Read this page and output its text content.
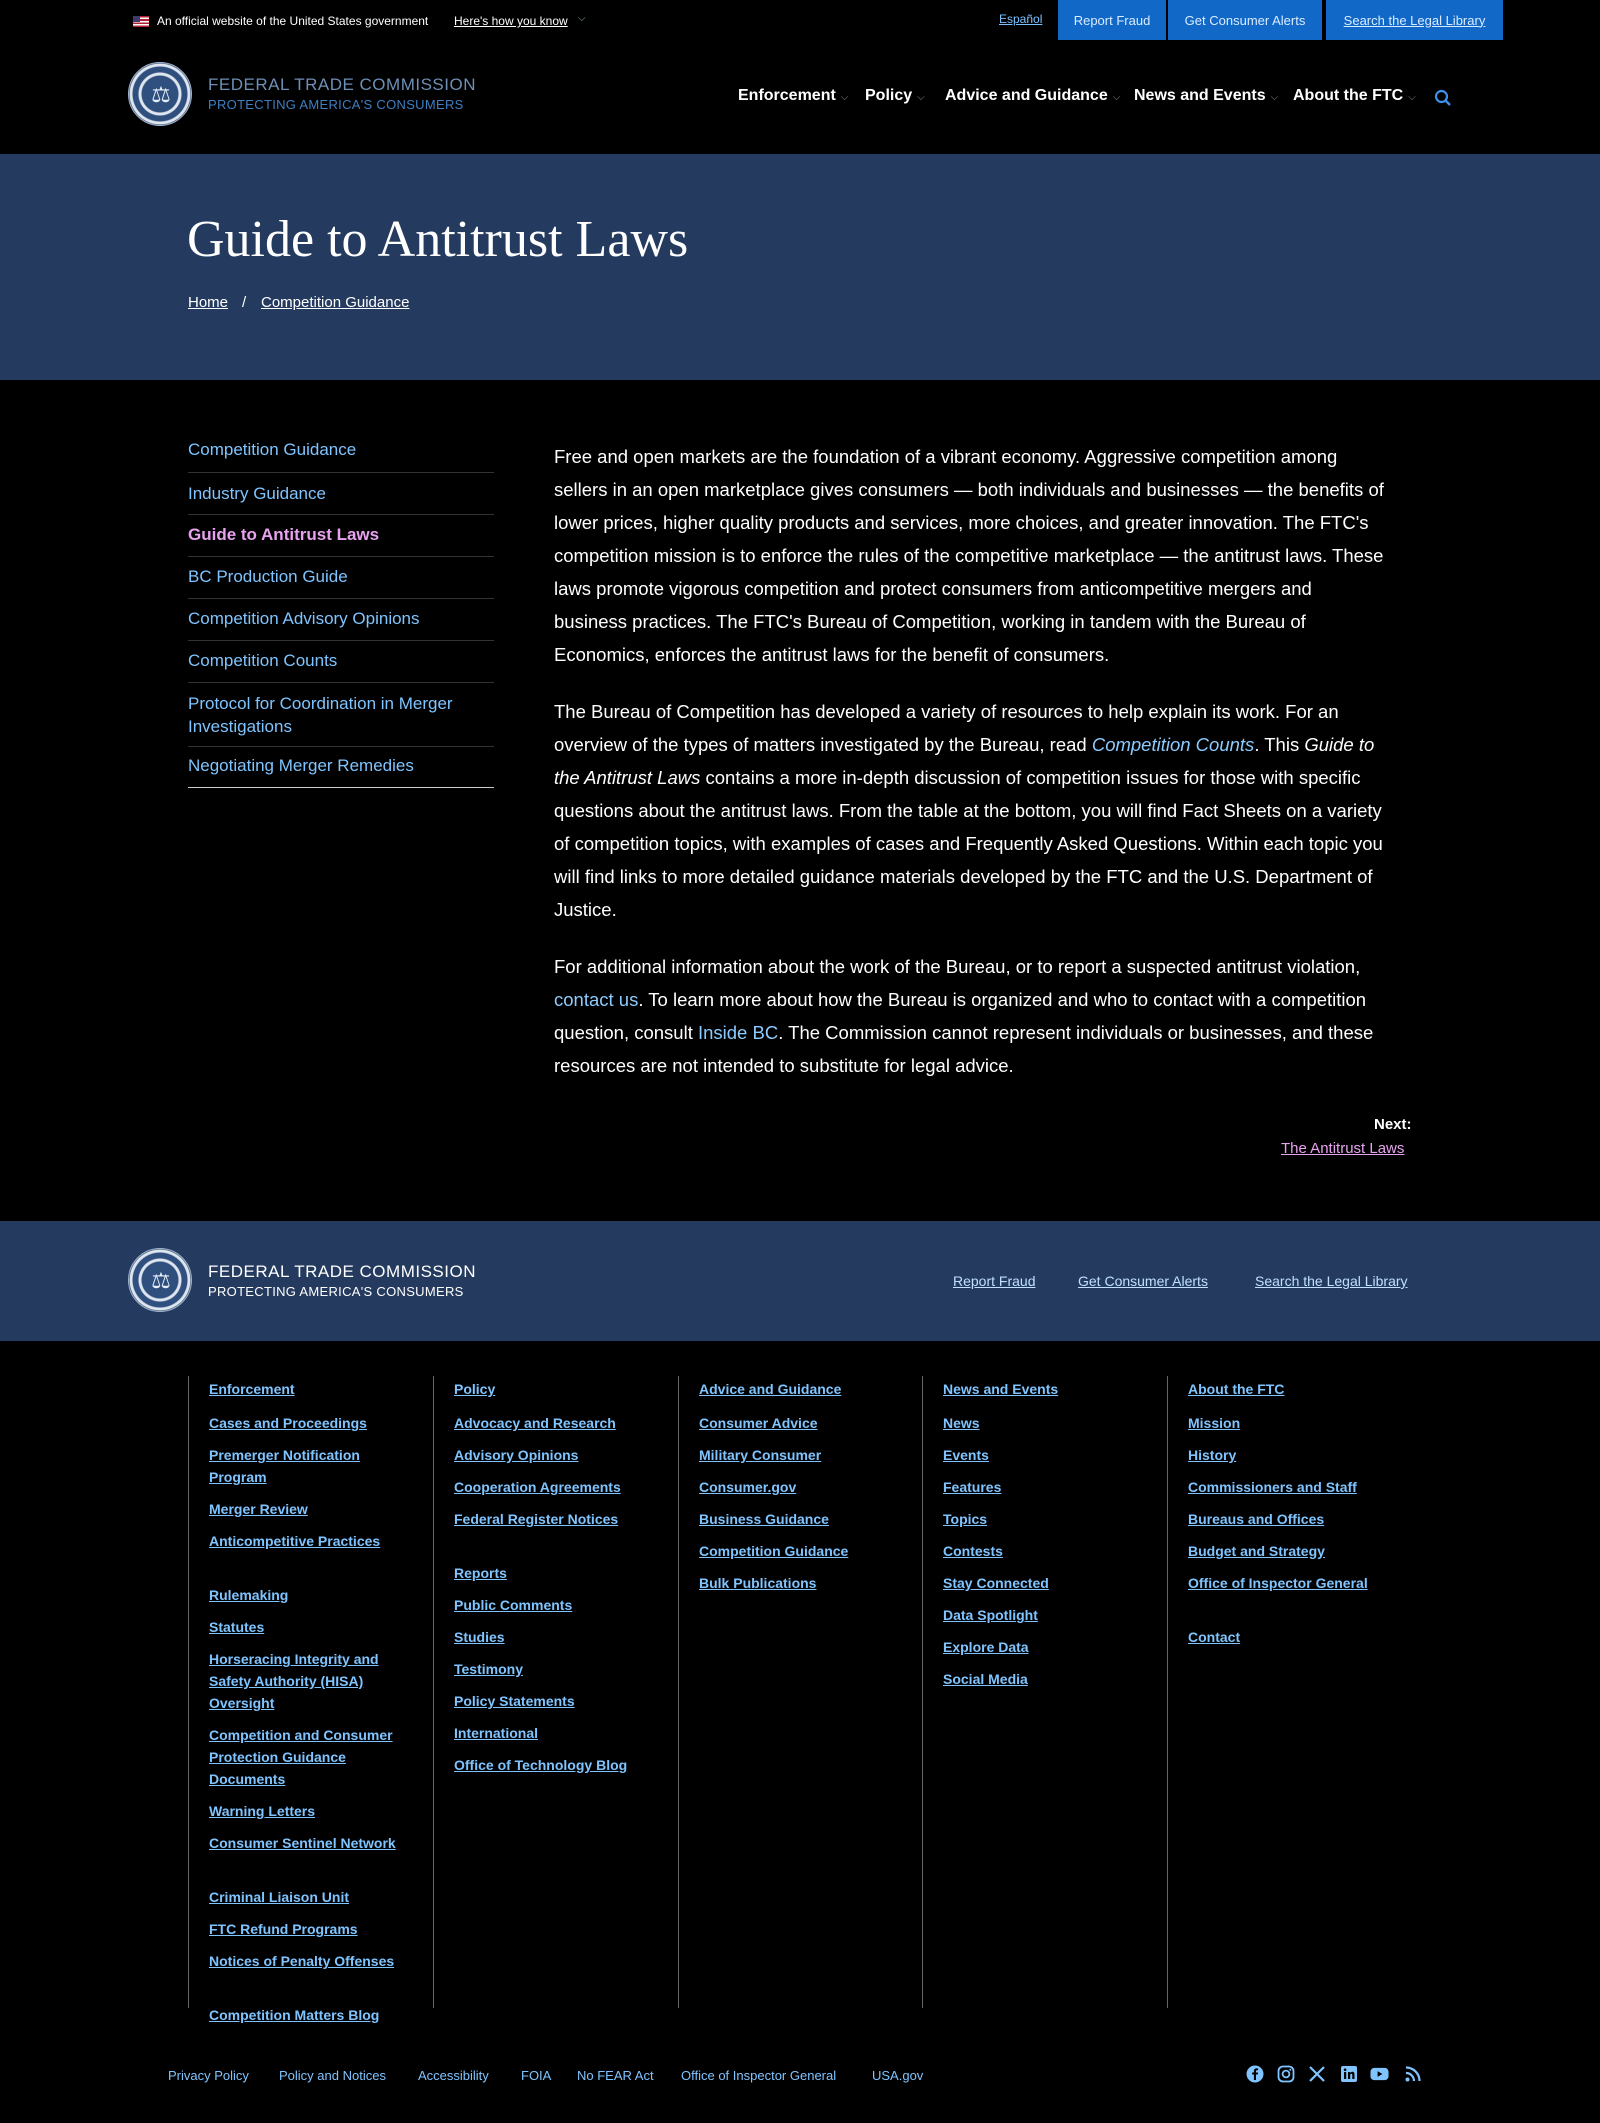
An official website of the United States government Here's how you know ⌵	Español	Report Fraud	Get Consumer Alerts	Search the Legal Library
⚖	FEDERAL TRADE COMMISSION
PROTECTING AMERICA'S CONSUMERS
Enforcement ⌵ Policy ⌵ Advice and Guidance ⌵ News and Events ⌵ About the FTC ⌵
Guide to Antitrust Laws
Home / Competition Guidance
Competition Guidance
Industry Guidance
Guide to Antitrust Laws
BC Production Guide
Competition Advisory Opinions
Competition Counts
Protocol for Coordination in Merger Investigations
Negotiating Merger Remedies

Free and open markets are the foundation of a vibrant economy. Aggressive competition among sellers in an open marketplace gives consumers — both individuals and businesses — the benefits of lower prices, higher quality products and services, more choices, and greater innovation. The FTC's competition mission is to enforce the rules of the competitive marketplace — the antitrust laws. These laws promote vigorous competition and protect consumers from anticompetitive mergers and business practices. The FTC's Bureau of Competition, working in tandem with the Bureau of Economics, enforces the antitrust laws for the benefit of consumers.

The Bureau of Competition has developed a variety of resources to help explain its work. For an overview of the types of matters investigated by the Bureau, read Competition Counts. This Guide to the Antitrust Laws contains a more in-depth discussion of competition issues for those with specific questions about the antitrust laws. From the table at the bottom, you will find Fact Sheets on a variety of competition topics, with examples of cases and Frequently Asked Questions. Within each topic you will find links to more detailed guidance materials developed by the FTC and the U.S. Department of Justice.

For additional information about the work of the Bureau, or to report a suspected antitrust violation, contact us. To learn more about how the Bureau is organized and who to contact with a competition question, consult Inside BC. The Commission cannot represent individuals or businesses, and these resources are not intended to substitute for legal advice.

Next:
The Antitrust Laws
⚖	FEDERAL TRADE COMMISSION
PROTECTING AMERICA'S CONSUMERS
Report Fraud	Get Consumer Alerts	Search the Legal Library
Enforcement
Cases and Proceedings
Premerger Notification Program
Merger Review
Anticompetitive Practices
Rulemaking
Statutes
Horseracing Integrity and Safety Authority (HISA) Oversight
Competition and Consumer Protection Guidance Documents
Warning Letters
Consumer Sentinel Network
Criminal Liaison Unit
FTC Refund Programs
Notices of Penalty Offenses
Competition Matters Blog
Policy
Advocacy and Research
Advisory Opinions
Cooperation Agreements
Federal Register Notices
Reports
Public Comments
Studies
Testimony
Policy Statements
International
Office of Technology Blog
Advice and Guidance
Consumer Advice
Military Consumer
Consumer.gov
Business Guidance
Competition Guidance
Bulk Publications
News and Events
News
Events
Features
Topics
Contests
Stay Connected
Data Spotlight
Explore Data
Social Media
About the FTC
Mission
History
Commissioners and Staff
Bureaus and Offices
Budget and Strategy
Office of Inspector General
Contact
Privacy Policy Policy and Notices Accessibility FOIA No FEAR Act Office of Inspector General	USA.gov
